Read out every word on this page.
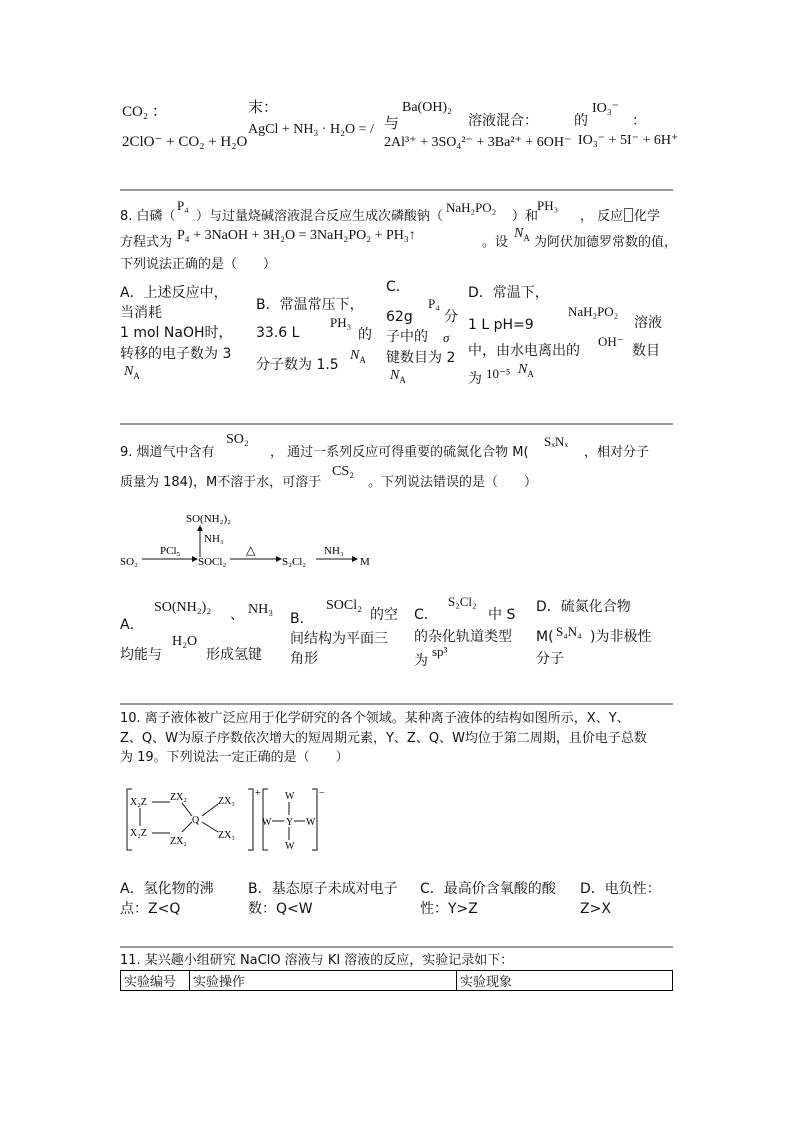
CO₂ ：	末：
与
Ba(OH)₂
溶液混合：	的
IO₃⁻
：
2ClO⁻ + CO₂ + H₂O
AgCl + NH₃ · H₂O = /
2Al³⁺ + 3SO₄²⁻ + 3Ba²⁺ + 6OH⁻ IO₃⁻ + 5I⁻ + 6H⁺
8. 白磷（
P₄
）与过量烧碱溶液混合反应生成次磷酸钠（
NaH₂PO₂
）和
PH₃
， 反应 化学
方程式为 P₄ + 3NaOH + 3H₂O = 3NaH₂PO₂ + PH₃↑	。设
$N_A$ 为阿伏加德罗常数的值，
下列说法正确的是（　　）
A．上述反应中，
当消耗
1 mol NaOH时，
转移的电子数为 3
$N_A$
B．常温常压下，
PH₃
33.6 L	的
分子数为 1.5
$N_A$
C．
P₄
62g 分
子中的 σ
键数目为 2
$N_A$
D．常温下，
NaH₂PO₂
1 L pH=9	溶液
中，由水电离出的
OH⁻
数目
为 10⁻⁵ $N_A$
9. 烟道气中含有
SO₂
， 通过一系列反应可得重要的硫氮化合物 M(
SₓNₓ
，相对分子
质量为 184)，M不溶于水，可溶于
CS₂
。下列说法错误的是（　　）
SO(NH₂)₂
NH₃
SO₂
PCl₅
SOCl₂
△
S₂Cl₂
NH₃
M
A．
SO(NH₂)₂ 、 NH₃
均能与
H₂O
形成氢键
B．
SOCl₂
的空
间结构为平面三
角形
C．
S₂Cl₂
中 S
的杂化轨道类型
为
sp³
D．硫氮化合物
M( S₄N₄ )为非极性
分子
10. 离子液体被广泛应用于化学研究的各个领域。某种离子液体的结构如图所示，X、Y、
Z、Q、W为原子序数依次增大的短周期元素，Y、Z、Q、W均位于第二周期，且价电子总数
为 19。下列说法一定正确的是（　　）
+
X₂Z
X₂Z
ZX₂
ZX₂
Q
ZX₃
ZX₃
−
W
W Y W
W
A．氢化物的沸
点：Z<Q
B．基态原子未成对电子
数：Q<W
C．最高价含氧酸的酸
性：Y>Z
D．电负性：
Z>X
11. 某兴趣小组研究 NaClO 溶液与 KI 溶液的反应，实验记录如下：
实验编号	实验操作	实验现象
